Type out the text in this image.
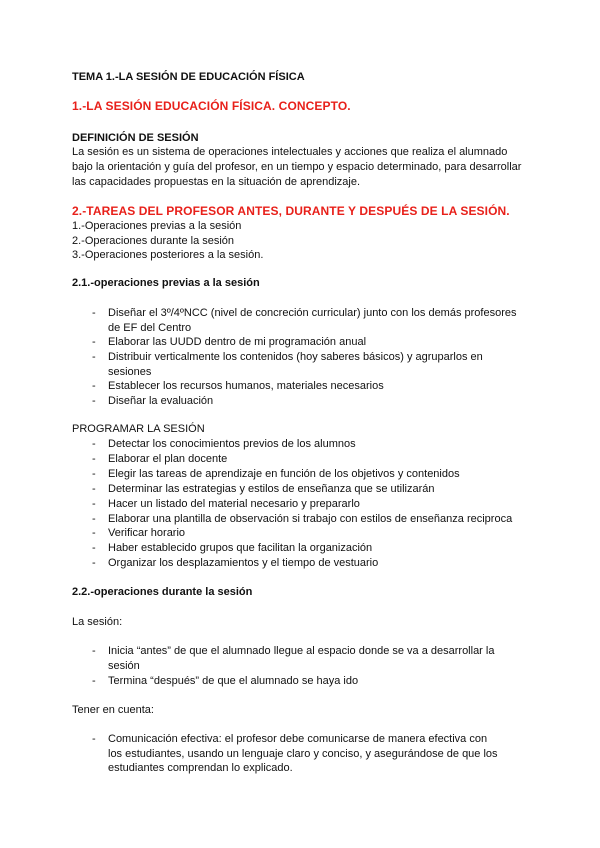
TEMA 1.-LA SESIÓN DE EDUCACIÓN FÍSICA
1.-LA SESIÓN EDUCACIÓN FÍSICA. CONCEPTO.
DEFINICIÓN DE SESIÓN
La sesión es un sistema de operaciones intelectuales y acciones que realiza el alumnado
bajo la orientación y guía del profesor, en un tiempo y espacio determinado, para desarrollar
las capacidades propuestas en la situación de aprendizaje.
2.-TAREAS DEL PROFESOR ANTES, DURANTE Y DESPUÉS DE LA SESIÓN.
1.-Operaciones previas a la sesión
2.-Operaciones durante la sesión
3.-Operaciones posteriores a la sesión.
2.1.-operaciones previas a la sesión
-	Diseñar el 3º/4ºNCC (nivel de concreción curricular) junto con los demás profesores de EF del Centro
-	Elaborar las UUDD dentro de mi programación anual
-	Distribuir verticalmente los contenidos (hoy saberes básicos) y agruparlos en sesiones
-	Establecer los recursos humanos, materiales necesarios
-	Diseñar la evaluación
PROGRAMAR LA SESIÓN
-	Detectar los conocimientos previos de los alumnos
-	Elaborar el plan docente
-	Elegir las tareas de aprendizaje en función de los objetivos y contenidos
-	Determinar las estrategias y estilos de enseñanza que se utilizarán
-	Hacer un listado del material necesario y prepararlo
-	Elaborar una plantilla de observación si trabajo con estilos de enseñanza reciproca
-	Verificar horario
-	Haber establecido grupos que facilitan la organización
-	Organizar los desplazamientos y el tiempo de vestuario
2.2.-operaciones durante la sesión
La sesión:
-	Inicia “antes” de que el alumnado llegue al espacio donde se va a desarrollar la sesión
-	Termina “después” de que el alumnado se haya ido
Tener en cuenta:
-	Comunicación efectiva: el profesor debe comunicarse de manera efectiva con los estudiantes, usando un lenguaje claro y conciso, y asegurándose de que los estudiantes comprendan lo explicado.
